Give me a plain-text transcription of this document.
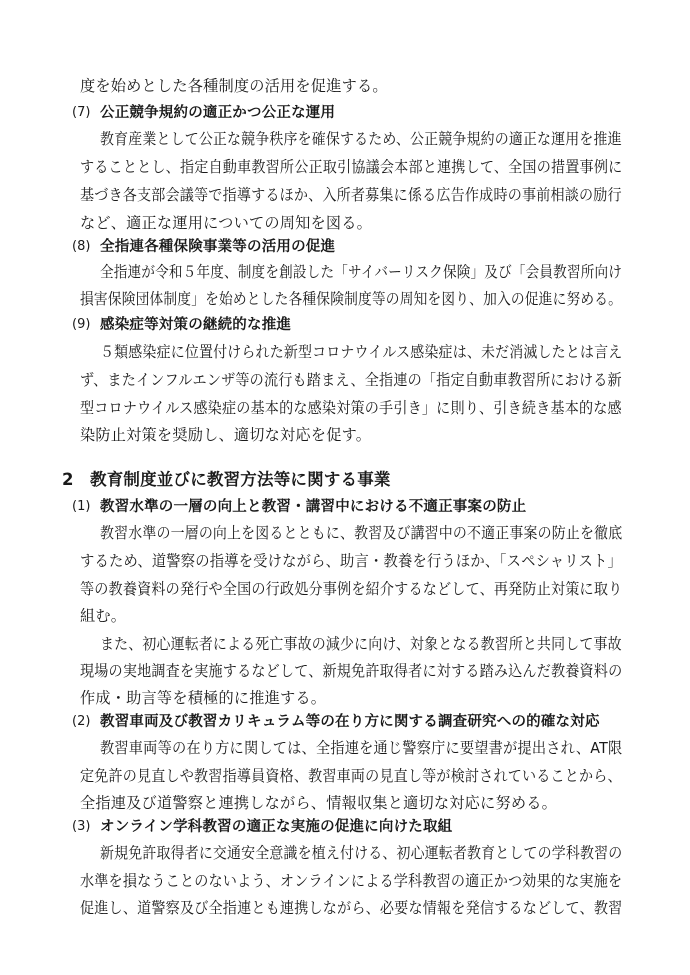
度を始めとした各種制度の活用を促進する。
(7) 公正競争規約の適正かつ公正な運用
教育産業として公正な競争秩序を確保するため、公正競争規約の適正な運用を推進
することとし、指定自動車教習所公正取引協議会本部と連携して、全国の措置事例に
基づき各支部会議等で指導するほか、入所者募集に係る広告作成時の事前相談の励行
など、適正な運用についての周知を図る。
(8) 全指連各種保険事業等の活用の促進
全指連が令和５年度、制度を創設した「サイバーリスク保険」及び「会員教習所向け
損害保険団体制度」を始めとした各種保険制度等の周知を図り、加入の促進に努める。
(9) 感染症等対策の継続的な推進
５類感染症に位置付けられた新型コロナウイルス感染症は、未だ消滅したとは言え
ず、またインフルエンザ等の流行も踏まえ、全指連の「指定自動車教習所における新
型コロナウイルス感染症の基本的な感染対策の手引き」に則り、引き続き基本的な感
染防止対策を奨励し、適切な対応を促す。
2 教育制度並びに教習方法等に関する事業
(1) 教習水準の一層の向上と教習・講習中における不適正事案の防止
教習水準の一層の向上を図るとともに、教習及び講習中の不適正事案の防止を徹底
するため、道警察の指導を受けながら、助言・教養を行うほか、「スペシャリスト」
等の教養資料の発行や全国の行政処分事例を紹介するなどして、再発防止対策に取り
組む。
また、初心運転者による死亡事故の減少に向け、対象となる教習所と共同して事故
現場の実地調査を実施するなどして、新規免許取得者に対する踏み込んだ教養資料の
作成・助言等を積極的に推進する。
(2) 教習車両及び教習カリキュラム等の在り方に関する調査研究への的確な対応
教習車両等の在り方に関しては、全指連を通じ警察庁に要望書が提出され、AT限
定免許の見直しや教習指導員資格、教習車両の見直し等が検討されていることから、
全指連及び道警察と連携しながら、情報収集と適切な対応に努める。
(3) オンライン学科教習の適正な実施の促進に向けた取組
新規免許取得者に交通安全意識を植え付ける、初心運転者教育としての学科教習の
水準を損なうことのないよう、オンラインによる学科教習の適正かつ効果的な実施を
促進し、道警察及び全指連とも連携しながら、必要な情報を発信するなどして、教習
